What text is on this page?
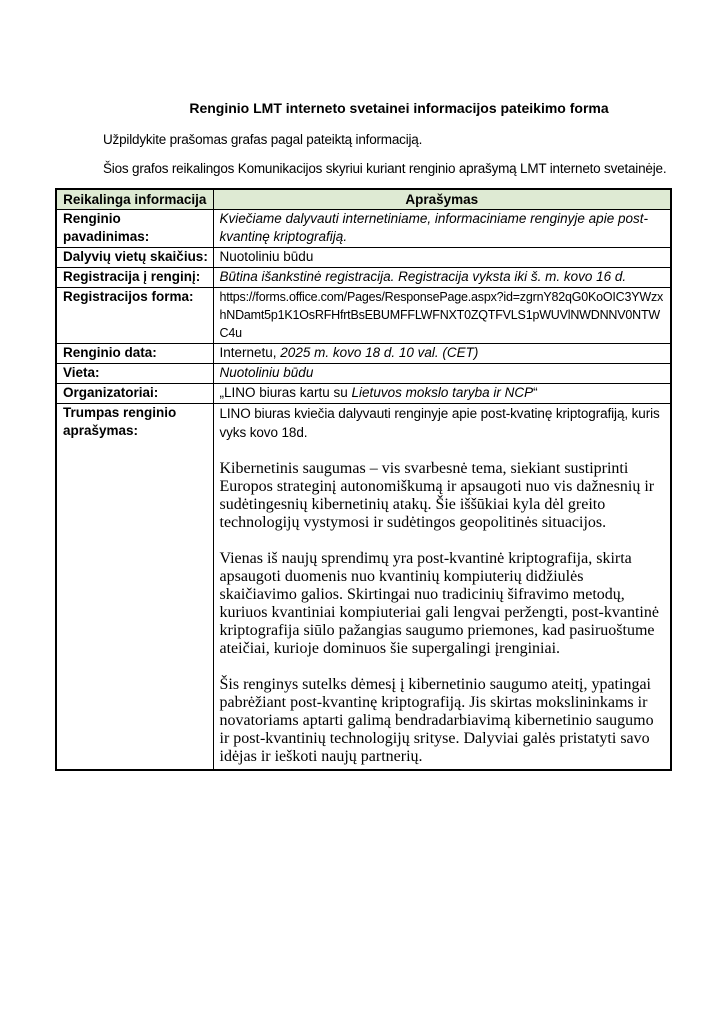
Renginio LMT interneto svetainei informacijos pateikimo forma

Užpildykite prašomas grafas pagal pateiktą informaciją.

Šios grafos reikalingos Komunikacijos skyriui kuriant renginio aprašymą LMT interneto svetainėje.

Reikalinga informacija	Aprašymas
Renginio pavadinimas:	Kviečiame dalyvauti internetiniame, informaciniame renginyje apie post-kvantinę kriptografiją.
Dalyvių vietų skaičius:	Nuotoliniu būdu
Registracija į renginį:	Būtina išankstinė registracija. Registracija vyksta iki š. m. kovo 16 d.
Registracijos forma:	https://forms.office.com/Pages/ResponsePage.aspx?id=zgrnY82qG0KoOIC3YWzxhNDamt5p1K1OsRFHfrtBsEBUMFFLWFNXT0ZQTFVLS1pWUVlNWDNNV0NTWC4u
Renginio data:	Internetu, 2025 m. kovo 18 d. 10 val. (CET)
Vieta:	Nuotoliniu būdu
Organizatoriai:	„LINO biuras kartu su Lietuvos mokslo taryba ir NCP“
Trumpas renginio aprašymas:	LINO biuras kviečia dalyvauti renginyje apie post-kvatinę kriptografiją, kuris vyks kovo 18d.

Kibernetinis saugumas – vis svarbesnė tema, siekiant sustiprinti Europos strateginį autonomiškumą ir apsaugoti nuo vis dažnesnių ir sudėtingesnių kibernetinių atakų. Šie iššūkiai kyla dėl greito technologijų vystymosi ir sudėtingos geopolitinės situacijos.

Vienas iš naujų sprendimų yra post-kvantinė kriptografija, skirta apsaugoti duomenis nuo kvantinių kompiuterių didžiulės skaičiavimo galios. Skirtingai nuo tradicinių šifravimo metodų, kuriuos kvantiniai kompiuteriai gali lengvai peržengti, post-kvantinė kriptografija siūlo pažangias saugumo priemones, kad pasiruoštume ateičiai, kurioje dominuos šie supergalingi įrenginiai.

Šis renginys sutelks dėmesį į kibernetinio saugumo ateitį, ypatingai pabrėžiant post-kvantinę kriptografiją. Jis skirtas mokslininkams ir novatoriams aptarti galimą bendradarbiavimą kibernetinio saugumo ir post-kvantinių technologijų srityse. Dalyviai galės pristatyti savo idėjas ir ieškoti naujų partnerių.
